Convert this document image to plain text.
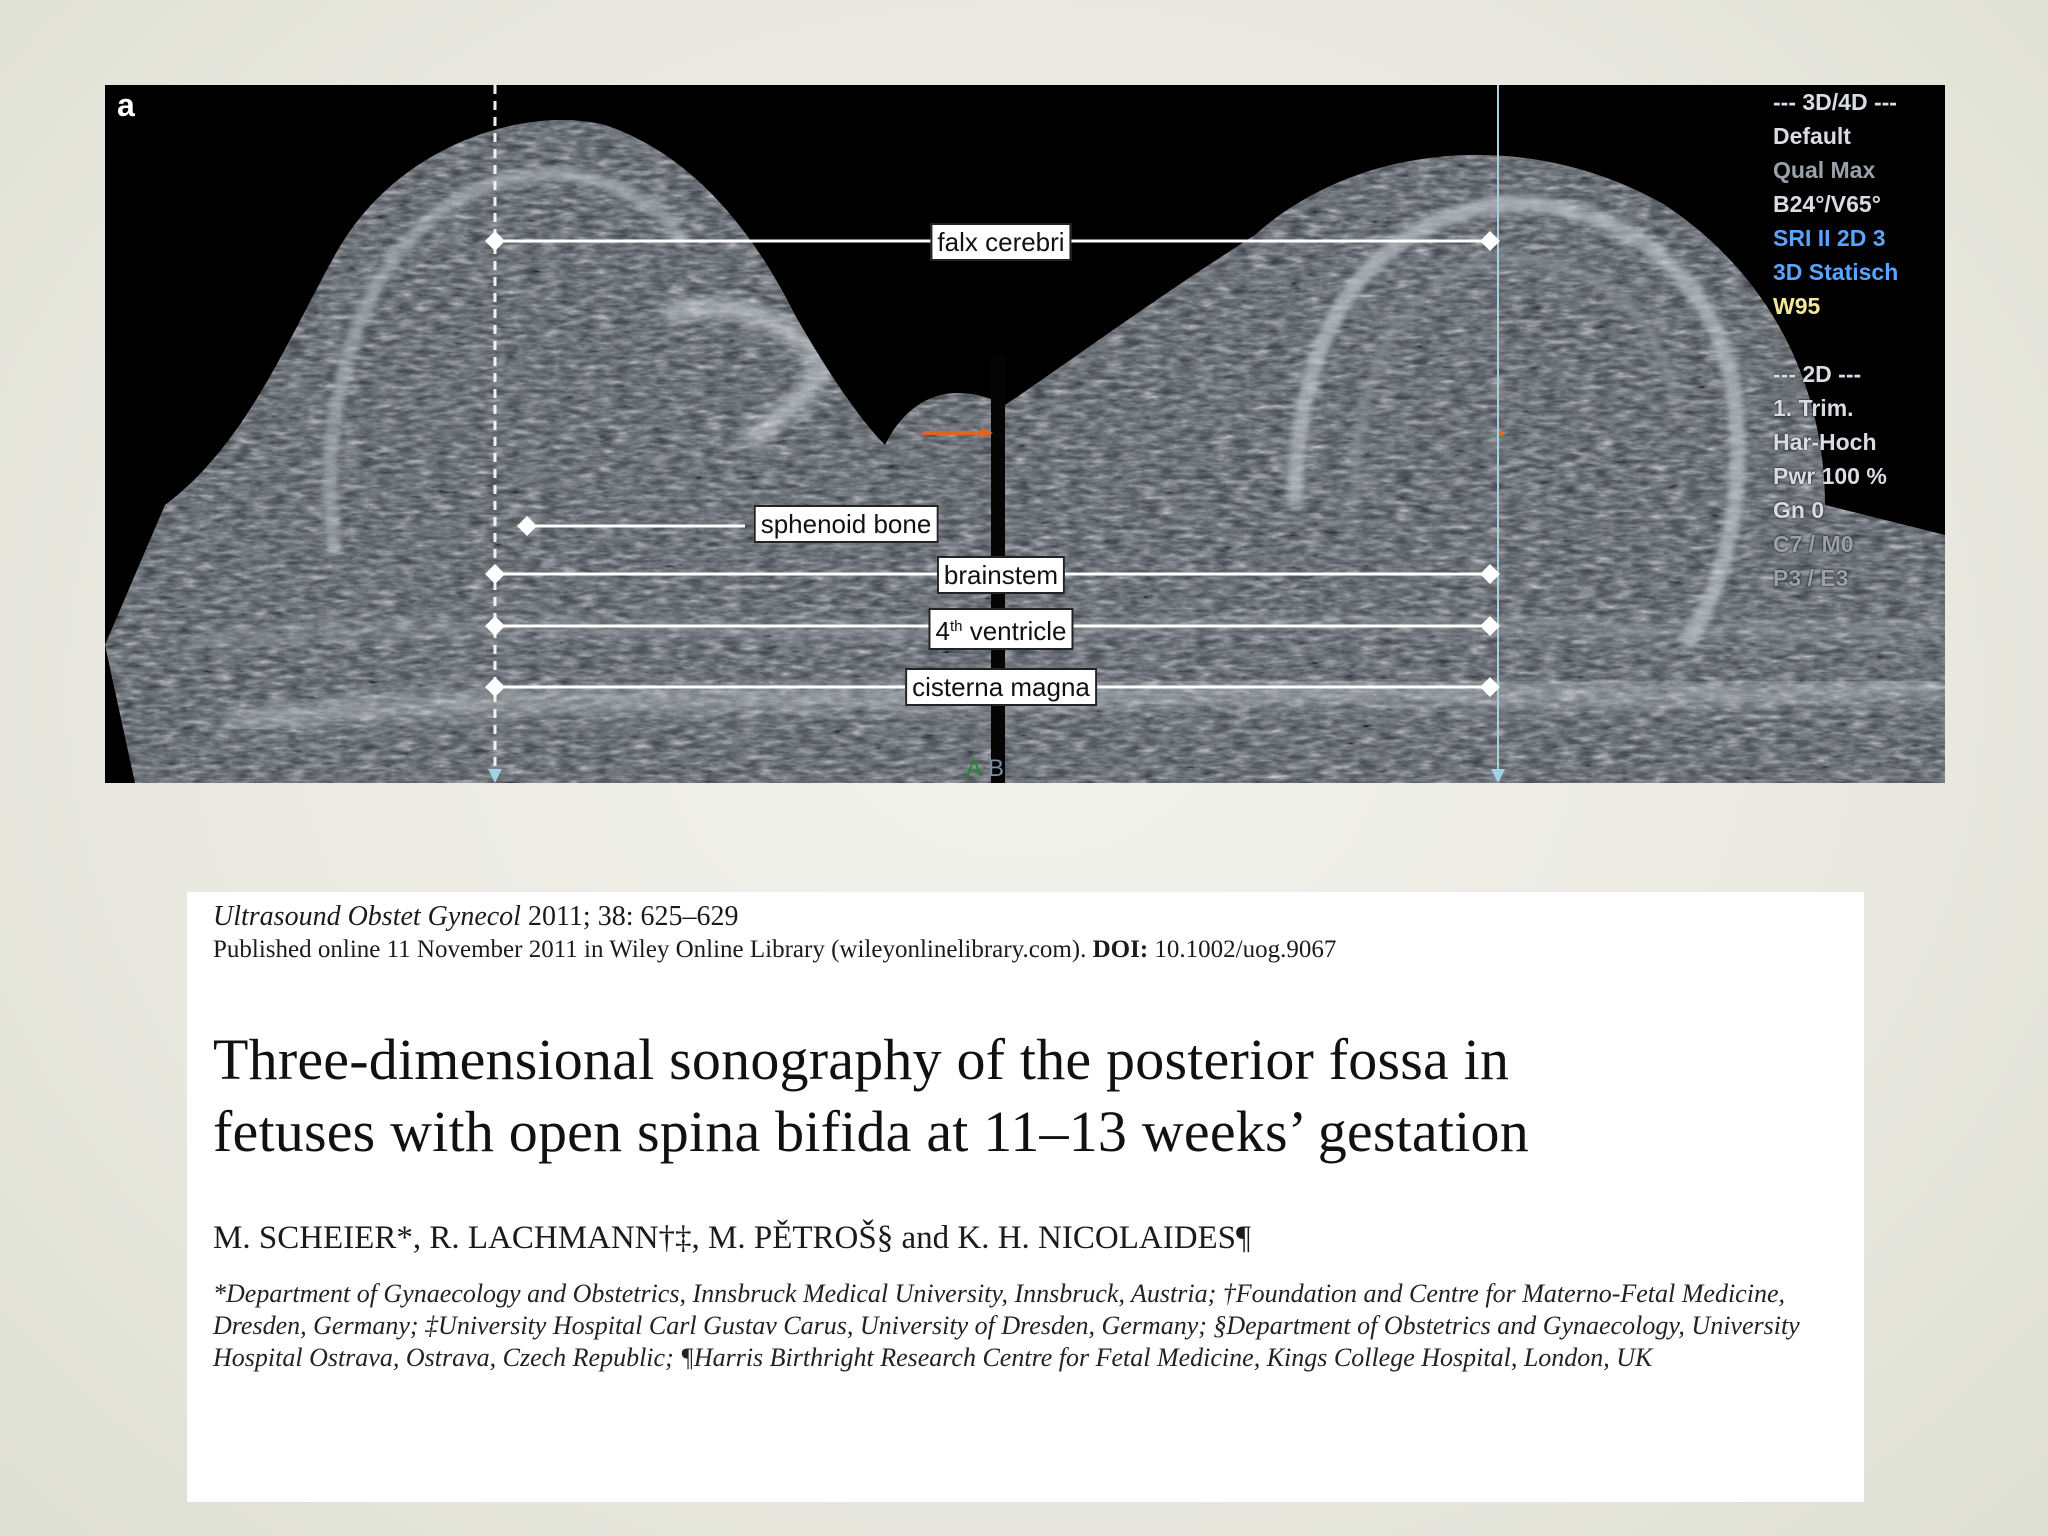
a
falx cerebri
sphenoid bone
brainstem
4th ventricle
cisterna magna
A B
--- 3D/4D ---
Default
Qual Max
B24°/V65°
SRI II 2D 3
3D Statisch
W95
--- 2D ---
1. Trim.
Har-Hoch
Pwr 100 %
Gn 0
C7 / M0
P3 / E3
Ultrasound Obstet Gynecol 2011; 38: 625–629
Published online 11 November 2011 in Wiley Online Library (wileyonlinelibrary.com). DOI: 10.1002/uog.9067
Three-dimensional sonography of the posterior fossa in
fetuses with open spina bifida at 11–13 weeks’ gestation
M. SCHEIER*, R. LACHMANN†‡, M. PĚTROŠ§ and K. H. NICOLAIDES¶
*Department of Gynaecology and Obstetrics, Innsbruck Medical University, Innsbruck, Austria; †Foundation and Centre for Materno-Fetal Medicine, Dresden, Germany; ‡University Hospital Carl Gustav Carus, University of Dresden, Germany; §Department of Obstetrics and Gynaecology, University Hospital Ostrava, Ostrava, Czech Republic; ¶Harris Birthright Research Centre for Fetal Medicine, Kings College Hospital, London, UK
